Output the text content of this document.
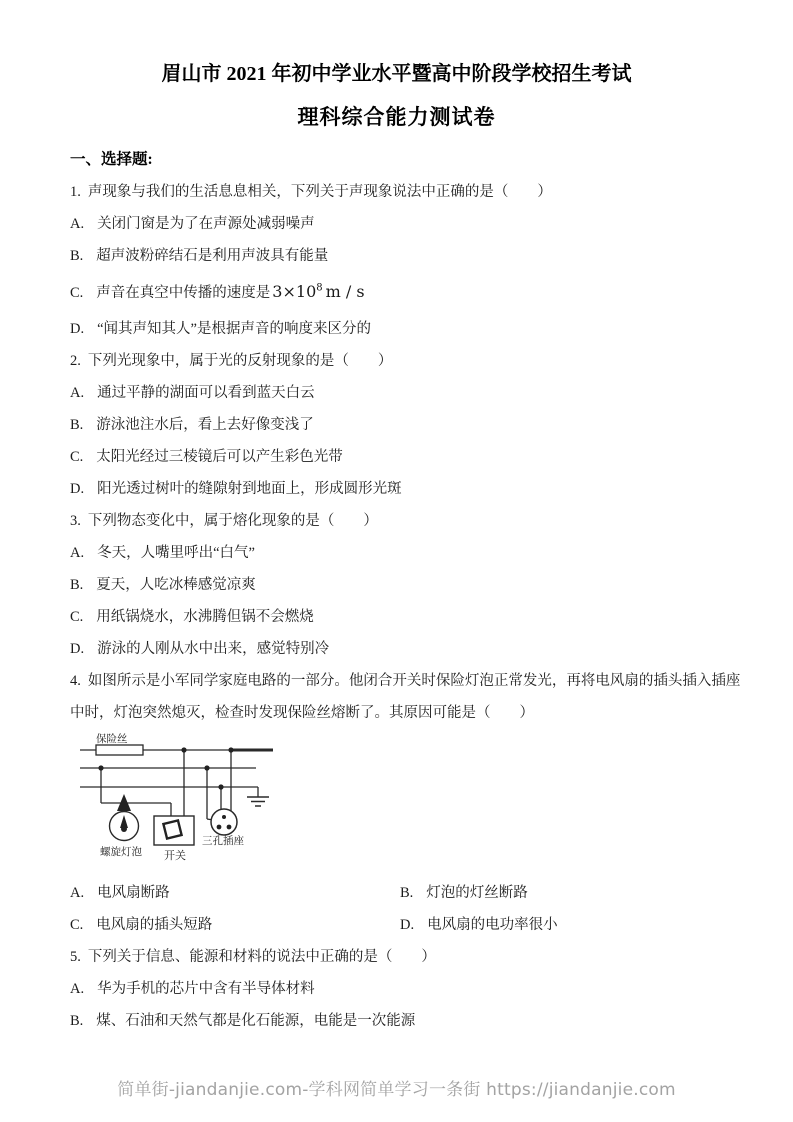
眉山市 2021 年初中学业水平暨高中阶段学校招生考试
理科综合能力测试卷
一、选择题:
1. 声现象与我们的生活息息相关，下列关于声现象说法中正确的是（　　）
A. 关闭门窗是为了在声源处减弱噪声
B. 超声波粉碎结石是利用声波具有能量
C. 声音在真空中传播的速度是 $3\times 10^8$ m / s
D. “闻其声知其人”是根据声音的响度来区分的
2. 下列光现象中，属于光的反射现象的是（　　）
A. 通过平静的湖面可以看到蓝天白云
B. 游泳池注水后，看上去好像变浅了
C. 太阳光经过三棱镜后可以产生彩色光带
D. 阳光透过树叶的缝隙射到地面上，形成圆形光斑
3. 下列物态变化中，属于熔化现象的是（　　）
A. 冬天，人嘴里呼出“白气”
B. 夏天，人吃冰棒感觉凉爽
C. 用纸锅烧水，水沸腾但锅不会燃烧
D. 游泳的人刚从水中出来，感觉特别冷
4. 如图所示是小军同学家庭电路的一部分。他闭合开关时保险灯泡正常发光，再将电风扇的插头插入插座中时，灯泡突然熄灭，检查时发现保险丝熔断了。其原因可能是（　　）
保险丝
螺旋灯泡 开关
三孔插座
A. 电风扇断路	B. 灯泡的灯丝断路
C. 电风扇的插头短路	D. 电风扇的电功率很小
5. 下列关于信息、能源和材料的说法中正确的是（　　）
A. 华为手机的芯片中含有半导体材料
B. 煤、石油和天然气都是化石能源，电能是一次能源
简单街-jiandanjie.com-学科网简单学习一条街 https://jiandanjie.com
